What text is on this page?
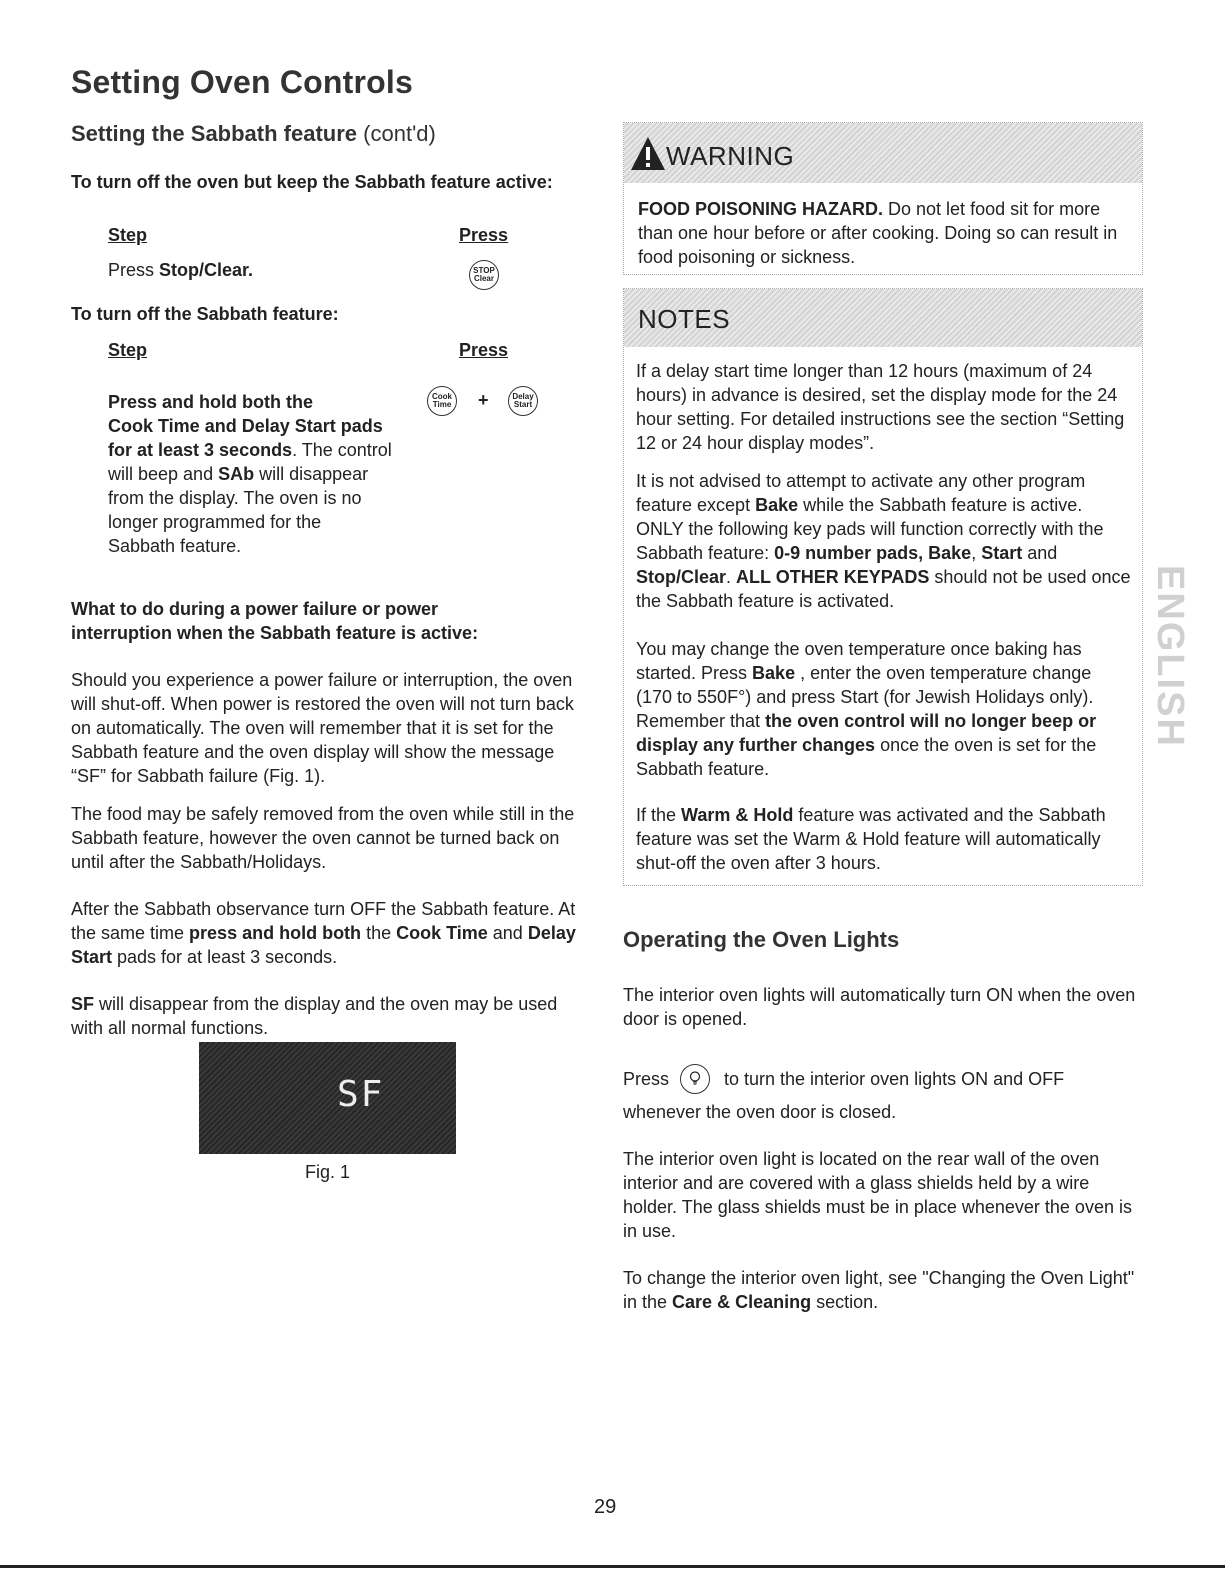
Setting Oven Controls
Setting the Sabbath feature (cont'd)
To turn off the oven but keep the Sabbath feature active:
Step	Press
Press Stop/Clear.	STOP
Clear
To turn off the Sabbath feature:
Step	Press
Press and hold both the
Cook Time and Delay Start pads
for at least 3 seconds. The control
will beep and SAb will disappear
from the display. The oven is no
longer programmed for the
Sabbath feature.
Cook
Time +	Delay
Start
What to do during a power failure or power
interruption when the Sabbath feature is active:
Should you experience a power failure or interruption, the oven will shut-off. When power is restored the oven will not turn back on automatically. The oven will remember that it is set for the Sabbath feature and the oven display will show the message “SF” for Sabbath failure (Fig. 1).
The food may be safely removed from the oven while still in the Sabbath feature, however the oven cannot be turned back on until after the Sabbath/Holidays.
After the Sabbath observance turn OFF the Sabbath feature. At the same time press and hold both the Cook Time and Delay Start pads for at least 3 seconds.
SF will disappear from the display and the oven may be used with all normal functions.
SF
Fig. 1
WARNING
FOOD POISONING HAZARD. Do not let food sit for more than one hour before or after cooking. Doing so can result in food poisoning or sickness.
NOTES
If a delay start time longer than 12 hours (maximum of 24 hours) in advance is desired, set the display mode for the 24 hour setting. For detailed instructions see the section “Setting 12 or 24 hour display modes”.
It is not advised to attempt to activate any other program feature except Bake while the Sabbath feature is active. ONLY the following key pads will function correctly with the Sabbath feature: 0-9 number pads, Bake, Start and Stop/Clear. ALL OTHER KEYPADS should not be used once the Sabbath feature is activated.
You may change the oven temperature once baking has started. Press Bake , enter the oven temperature change (170 to 550F°) and press Start (for Jewish Holidays only). Remember that the oven control will no longer beep or display any further changes once the oven is set for the Sabbath feature.
If the Warm & Hold feature was activated and the Sabbath feature was set the Warm & Hold feature will automatically shut-off the oven after 3 hours.
ENGLISH
Operating the Oven Lights
The interior oven lights will automatically turn ON when the oven door is opened.
Press	to turn the interior oven lights ON and OFF
whenever the oven door is closed.
The interior oven light is located on the rear wall of the oven interior and are covered with a glass shields held by a wire holder. The glass shields must be in place whenever the oven is in use.
To change the interior oven light, see "Changing the Oven Light" in the Care & Cleaning section.
29
